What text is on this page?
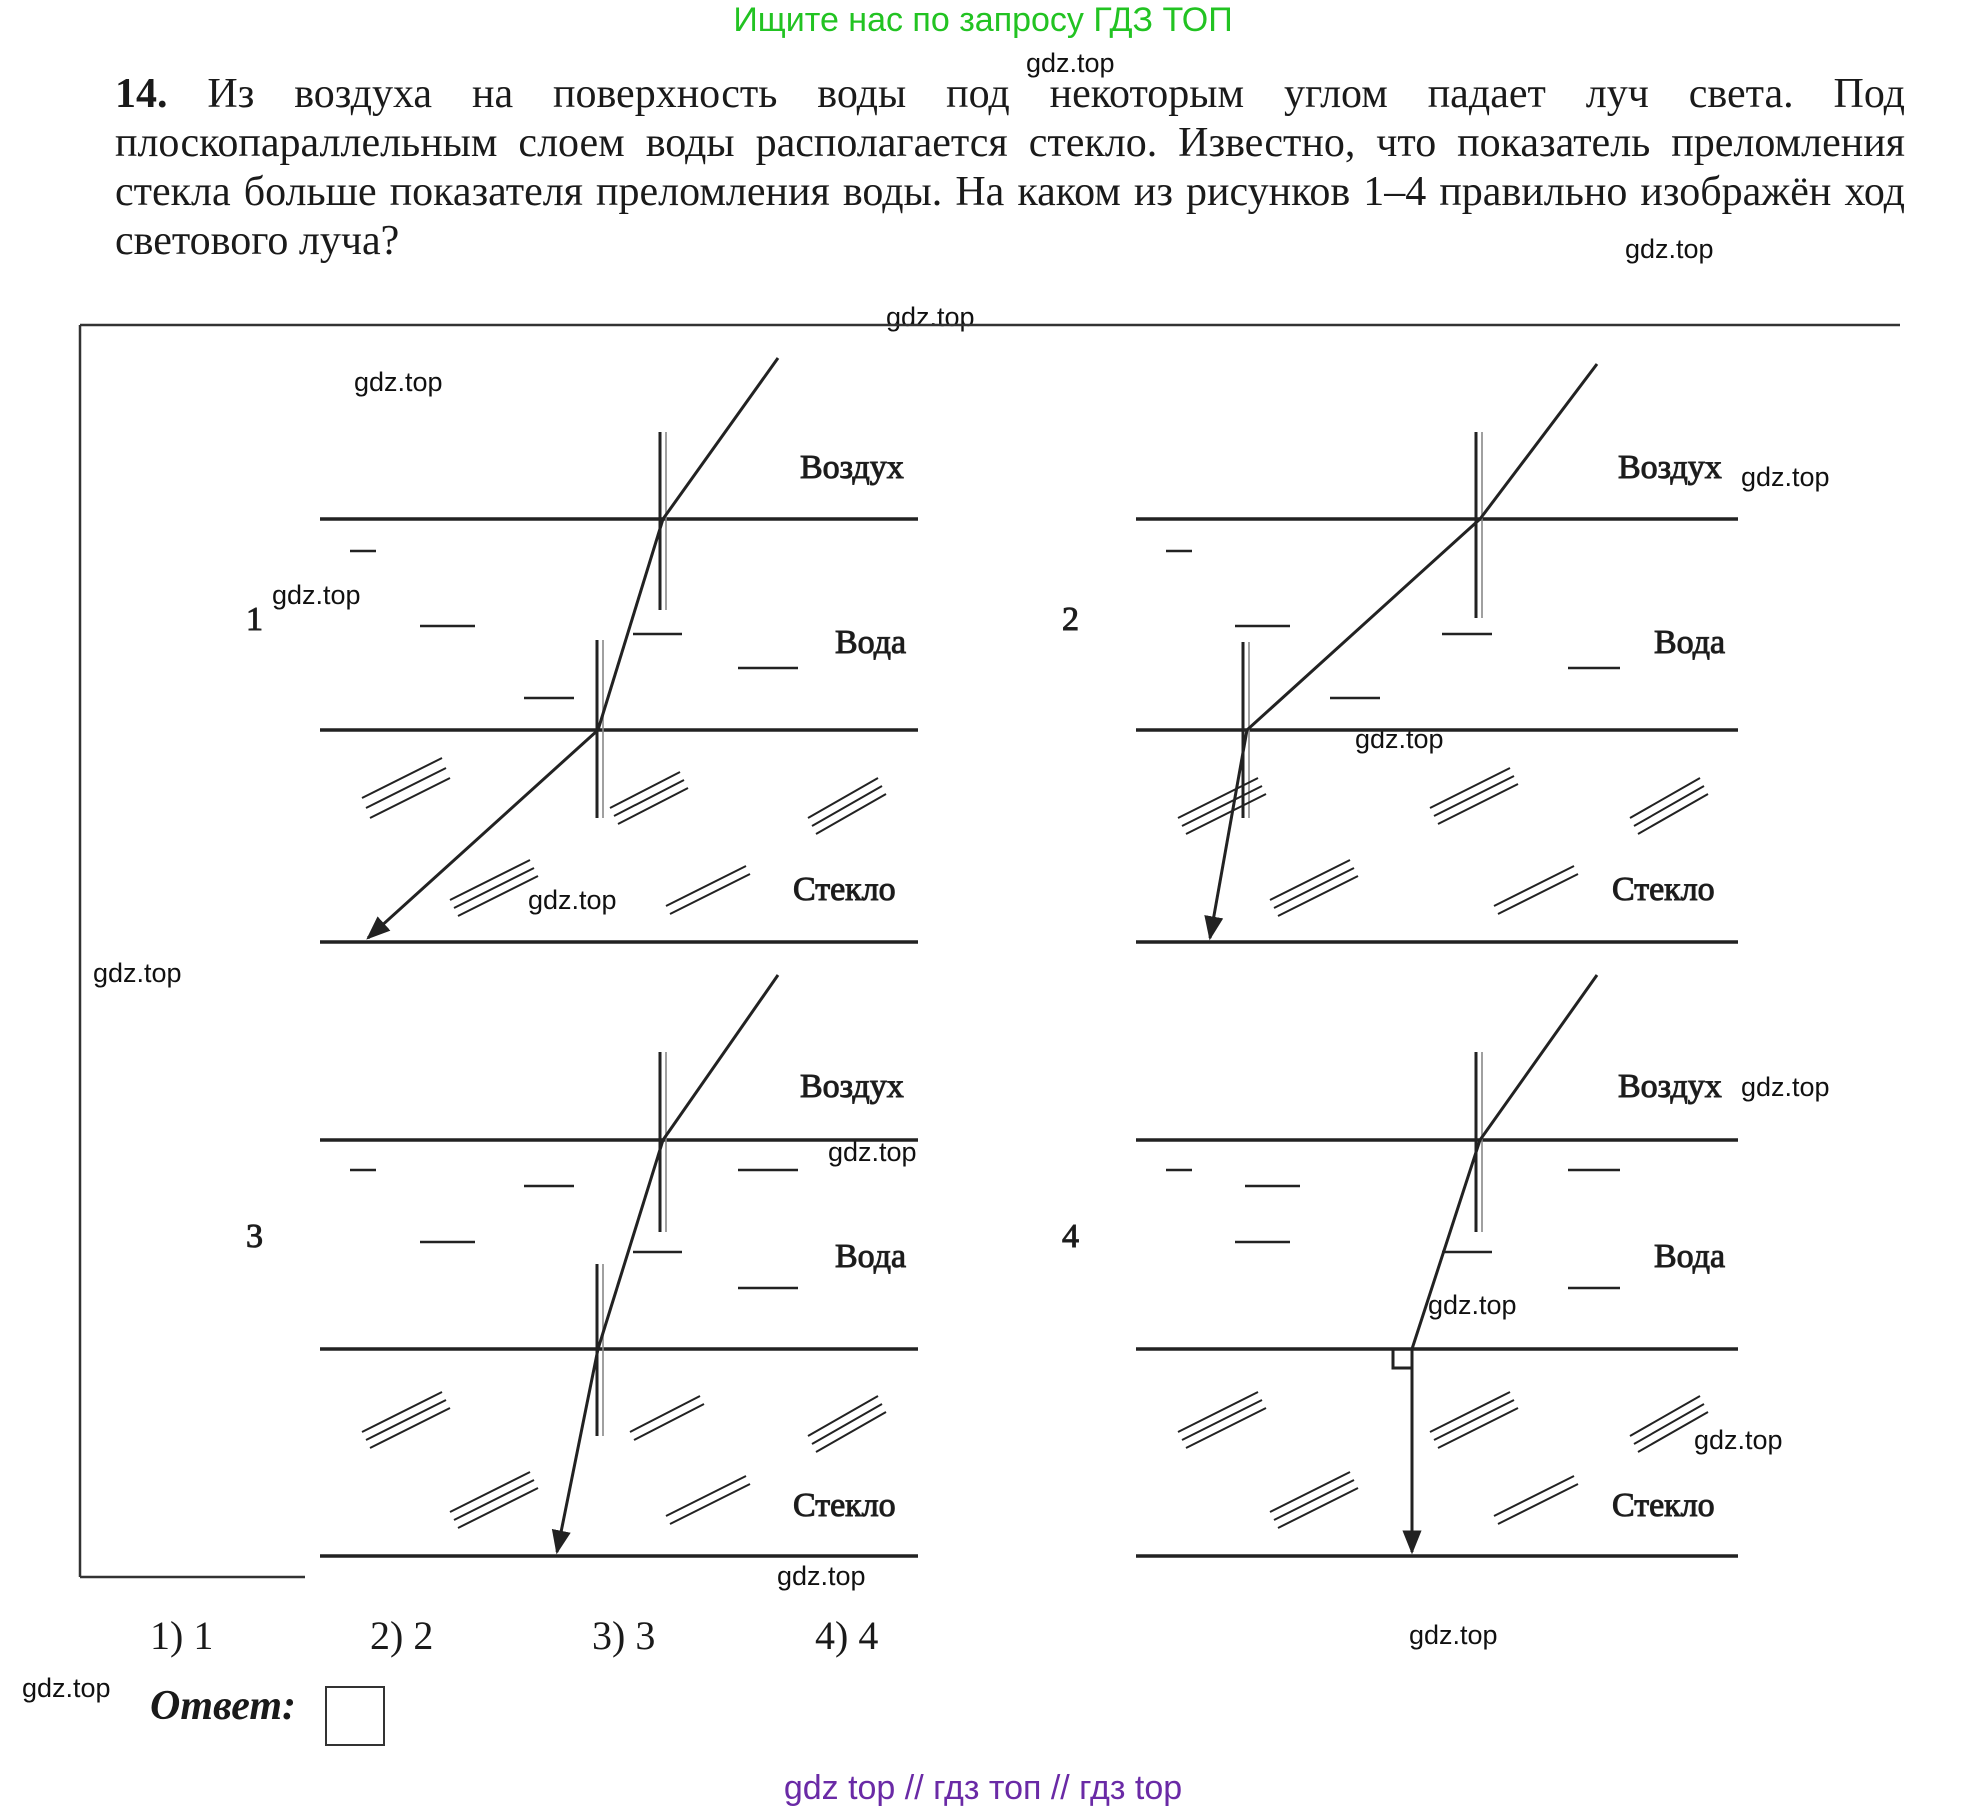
Ищите нас по запросу ГДЗ ТОП
gdz.top
gdz.top
gdz.top
gdz.top
gdz.top
gdz.top
gdz.top
gdz.top
gdz.top
gdz.top
gdz.top
gdz.top
gdz.top
gdz.top
gdz.top
gdz.top
14. Из воздуха на поверхность воды под некоторым углом падает луч света. Под плоскопараллельным слоем воды располагается стекло. Известно, что показатель преломления стекла больше показателя преломления воды. На каком из рисунков 1–4 правильно изображён ход светового луча?
Воздух
Вода
Стекло
1
Воздух
Вода
Стекло
2
Воздух
Вода
Стекло
3
Воздух
Вода
Стекло
4
1) 1	2) 2	3) 3	4) 4
Ответ:
gdz top // гдз топ // гдз top
